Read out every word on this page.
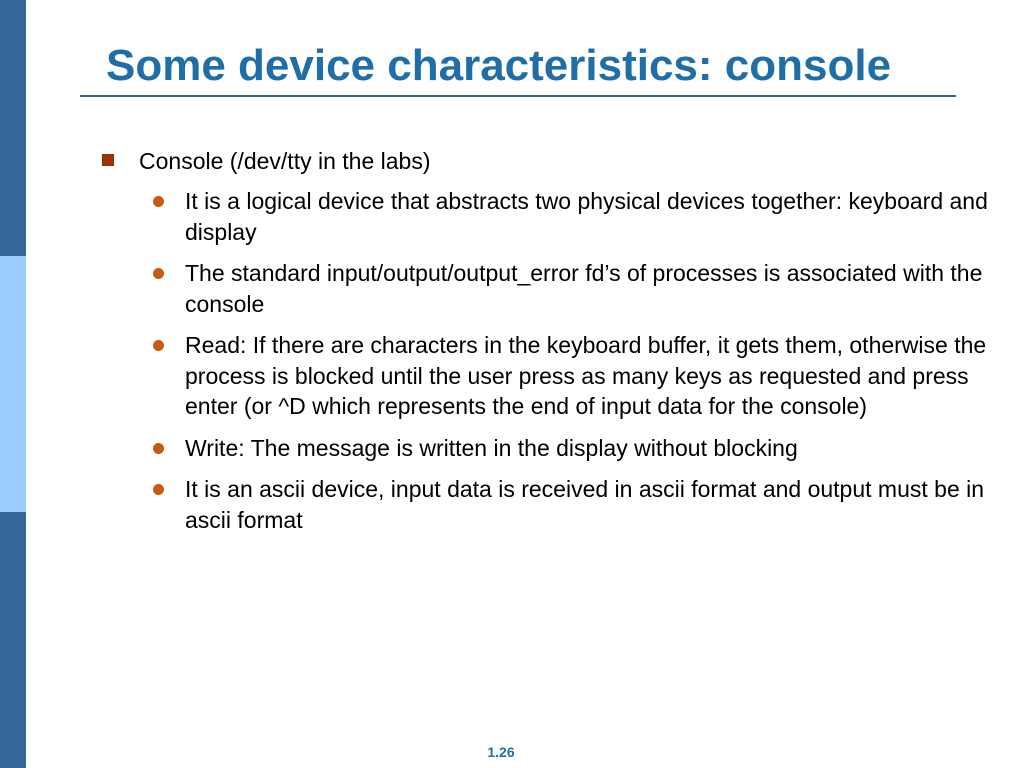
Some device characteristics: console
Console (/dev/tty in the labs)
It is a logical device that abstracts two physical devices together: keyboard and display
The standard input/output/output_error fd’s of processes is associated with the console
Read: If there are characters in the keyboard buffer, it gets them, otherwise the process is blocked until the user press as many keys as requested and press enter (or ^D which represents the end of input data for the console)
Write: The message is written in the display without blocking
It is an ascii device, input data is received in ascii format and output must be in ascii format
1.26
